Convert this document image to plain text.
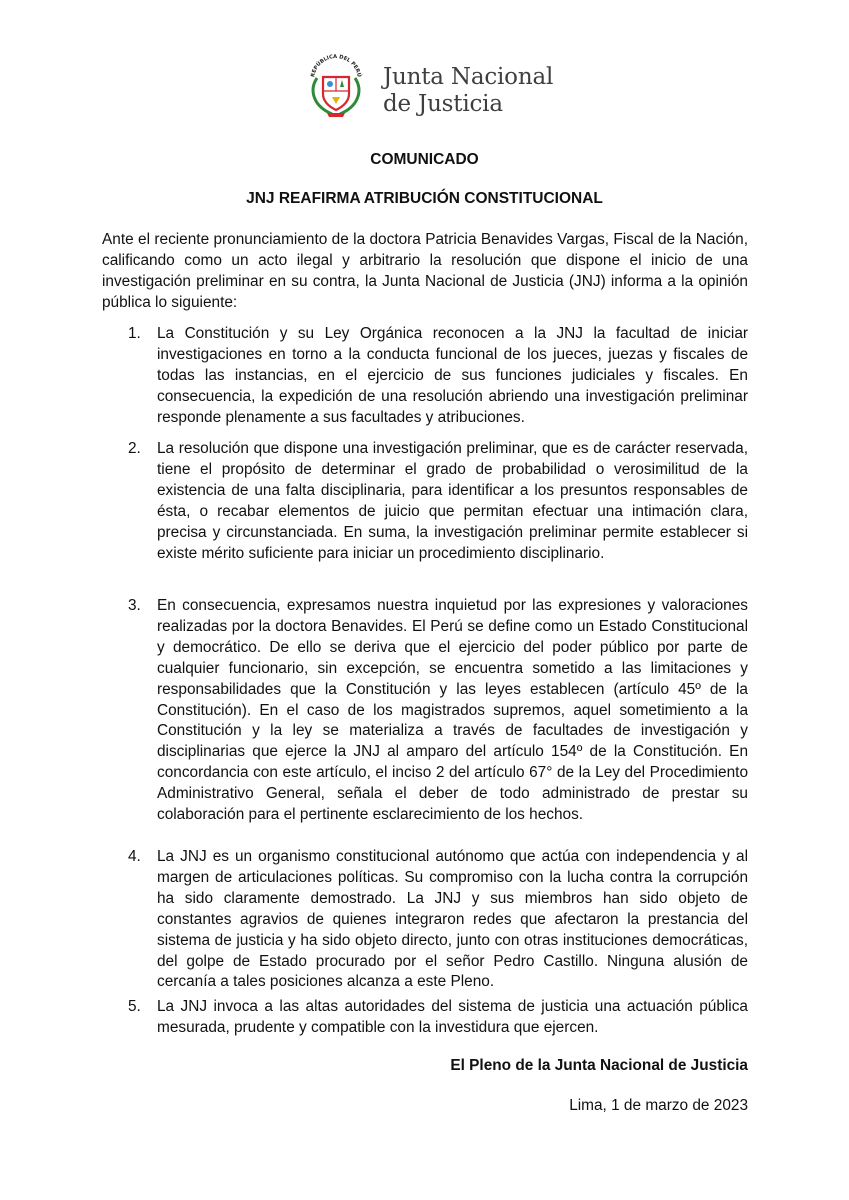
REPÚBLICA DEL PERÚ Junta Nacional
de Justicia
COMUNICADO
JNJ REAFIRMA ATRIBUCIÓN CONSTITUCIONAL
Ante el reciente pronunciamiento de la doctora Patricia Benavides Vargas, Fiscal de la Nación, calificando como un acto ilegal y arbitrario la resolución que dispone el inicio de una investigación preliminar en su contra, la Junta Nacional de Justicia (JNJ) informa a la opinión pública lo siguiente:
1. La Constitución y su Ley Orgánica reconocen a la JNJ la facultad de iniciar investigaciones en torno a la conducta funcional de los jueces, juezas y fiscales de todas las instancias, en el ejercicio de sus funciones judiciales y fiscales. En consecuencia, la expedición de una resolución abriendo una investigación preliminar responde plenamente a sus facultades y atribuciones.
2. La resolución que dispone una investigación preliminar, que es de carácter reservada, tiene el propósito de determinar el grado de probabilidad o verosimilitud de la existencia de una falta disciplinaria, para identificar a los presuntos responsables de ésta, o recabar elementos de juicio que permitan efectuar una intimación clara, precisa y circunstanciada. En suma, la investigación preliminar permite establecer si existe mérito suficiente para iniciar un procedimiento disciplinario.
3. En consecuencia, expresamos nuestra inquietud por las expresiones y valoraciones realizadas por la doctora Benavides. El Perú se define como un Estado Constitucional y democrático. De ello se deriva que el ejercicio del poder público por parte de cualquier funcionario, sin excepción, se encuentra sometido a las limitaciones y responsabilidades que la Constitución y las leyes establecen (artículo 45º de la Constitución). En el caso de los magistrados supremos, aquel sometimiento a la Constitución y la ley se materializa a través de facultades de investigación y disciplinarias que ejerce la JNJ al amparo del artículo 154º de la Constitución. En concordancia con este artículo, el inciso 2 del artículo 67° de la Ley del Procedimiento Administrativo General, señala el deber de todo administrado de prestar su colaboración para el pertinente esclarecimiento de los hechos.
4. La JNJ es un organismo constitucional autónomo que actúa con independencia y al margen de articulaciones políticas. Su compromiso con la lucha contra la corrupción ha sido claramente demostrado. La JNJ y sus miembros han sido objeto de constantes agravios de quienes integraron redes que afectaron la prestancia del sistema de justicia y ha sido objeto directo, junto con otras instituciones democráticas, del golpe de Estado procurado por el señor Pedro Castillo. Ninguna alusión de cercanía a tales posiciones alcanza a este Pleno.
5. La JNJ invoca a las altas autoridades del sistema de justicia una actuación pública mesurada, prudente y compatible con la investidura que ejercen.
El Pleno de la Junta Nacional de Justicia
Lima, 1 de marzo de 2023
